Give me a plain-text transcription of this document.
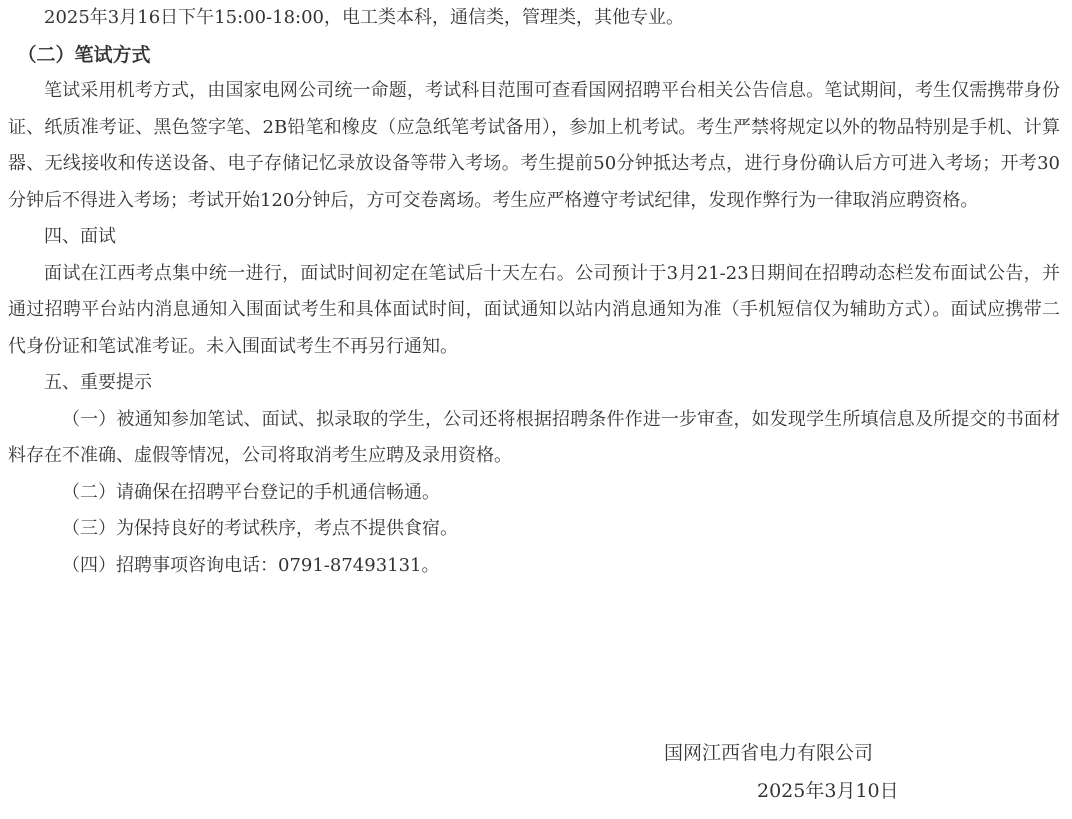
2025年3月16日下午15:00-18:00，电工类本科，通信类，管理类，其他专业。
（二）笔试方式

笔试采用机考方式，由国家电网公司统一命题，考试科目范围可查看国网招聘平台相关公告信息。笔试期间，考生仅需携带身份证、纸质准考证、黑色签字笔、2B铅笔和橡皮（应急纸笔考试备用），参加上机考试。考生严禁将规定以外的物品特别是手机、计算器、无线接收和传送设备、电子存储记忆录放设备等带入考场。考生提前50分钟抵达考点，进行身份确认后方可进入考场；开考30分钟后不得进入考场；考试开始120分钟后，方可交卷离场。考生应严格遵守考试纪律，发现作弊行为一律取消应聘资格。

四、面试

面试在江西考点集中统一进行，面试时间初定在笔试后十天左右。公司预计于3月21-23日期间在招聘动态栏发布面试公告，并通过招聘平台站内消息通知入围面试考生和具体面试时间，面试通知以站内消息通知为准（手机短信仅为辅助方式）。面试应携带二代身份证和笔试准考证。未入围面试考生不再另行通知。

五、重要提示

（一）被通知参加笔试、面试、拟录取的学生，公司还将根据招聘条件作进一步审查，如发现学生所填信息及所提交的书面材料存在不准确、虚假等情况，公司将取消考生应聘及录用资格。

（二）请确保在招聘平台登记的手机通信畅通。
（三）为保持良好的考试秩序，考点不提供食宿。
（四）招聘事项咨询电话：0791-87493131。
国网江西省电力有限公司
2025年3月10日
